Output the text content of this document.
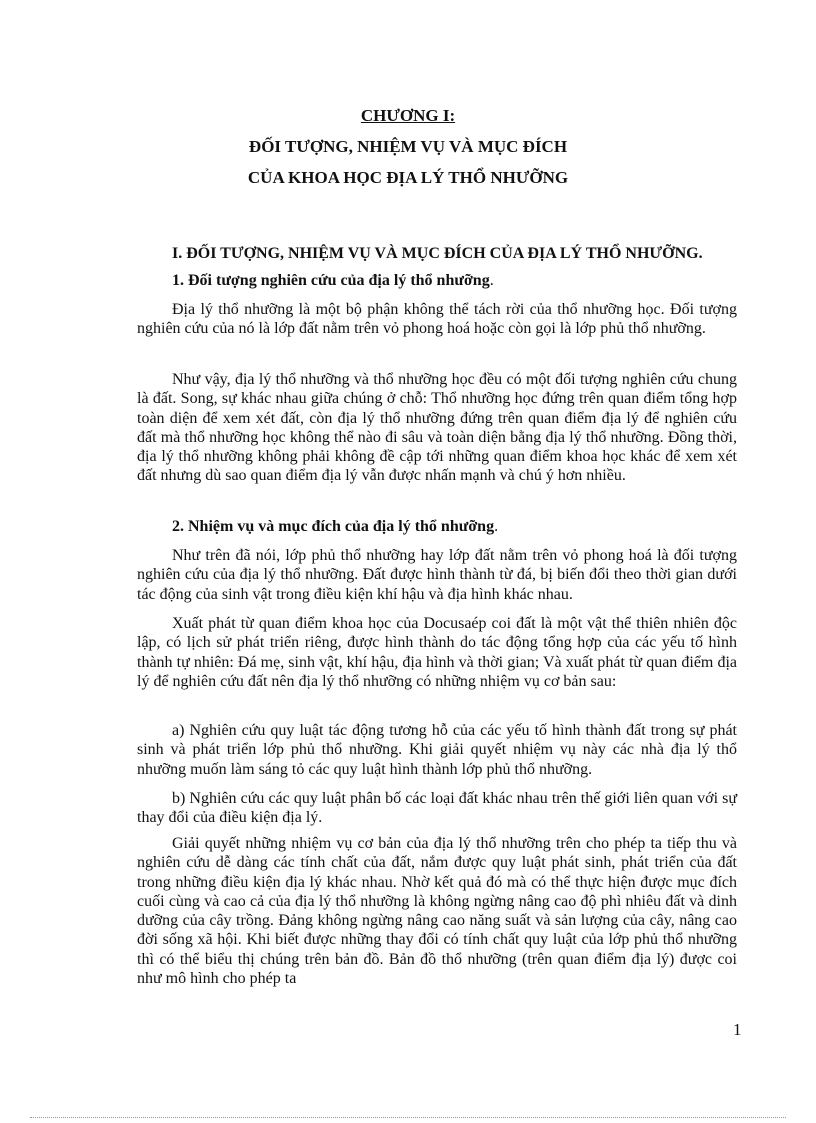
CHƯƠNG I:
ĐỐI TƯỢNG, NHIỆM VỤ VÀ MỤC ĐÍCH
CỦA KHOA HỌC ĐỊA LÝ THỔ NHƯỠNG
I. ĐỐI TƯỢNG, NHIỆM VỤ VÀ MỤC ĐÍCH CỦA ĐỊA LÝ THỔ NHƯỠNG.
1. Đối tượng nghiên cứu của địa lý thổ nhưỡng.

Địa lý thổ nhưỡng là một bộ phận không thể tách rời của thổ nhưỡng học. Đối tượng nghiên cứu của nó là lớp đất nằm trên vỏ phong hoá hoặc còn gọi là lớp phủ thổ nhưỡng.

Như vậy, địa lý thổ nhưỡng và thổ nhưỡng học đều có một đối tượng nghiên cứu chung là đất. Song, sự khác nhau giữa chúng ở chỗ: Thổ nhưỡng học đứng trên quan điểm tổng hợp toàn diện để xem xét đất, còn địa lý thổ nhưỡng đứng trên quan điểm địa lý để nghiên cứu đất mà thổ nhưỡng học không thể nào đi sâu và toàn diện bằng địa lý thổ nhưỡng. Đồng thời, địa lý thổ nhưỡng không phải không đề cập tới những quan điểm khoa học khác để xem xét đất nhưng dù sao quan điểm địa lý vẫn được nhấn mạnh và chú ý hơn nhiều.

2. Nhiệm vụ và mục đích của địa lý thổ nhưỡng.

Như trên đã nói, lớp phủ thổ nhưỡng hay lớp đất nằm trên vỏ phong hoá là đối tượng nghiên cứu của địa lý thổ nhưỡng. Đất được hình thành từ đá, bị biến đổi theo thời gian dưới tác động của sinh vật trong điều kiện khí hậu và địa hình khác nhau.

Xuất phát từ quan điểm khoa học của Docusaép coi đất là một vật thể thiên nhiên độc lập, có lịch sử phát triển riêng, được hình thành do tác động tổng hợp của các yếu tố hình thành tự nhiên: Đá mẹ, sinh vật, khí hậu, địa hình và thời gian; Và xuất phát từ quan điểm địa lý để nghiên cứu đất nên địa lý thổ nhưỡng có những nhiệm vụ cơ bản sau:

a) Nghiên cứu quy luật tác động tương hỗ của các yếu tố hình thành đất trong sự phát sinh và phát triển lớp phủ thổ nhưỡng. Khi giải quyết nhiệm vụ này các nhà địa lý thổ nhưỡng muốn làm sáng tỏ các quy luật hình thành lớp phủ thổ nhưỡng.

b) Nghiên cứu các quy luật phân bố các loại đất khác nhau trên thế giới liên quan với sự thay đổi của điều kiện địa lý.

Giải quyết những nhiệm vụ cơ bản của địa lý thổ nhưỡng trên cho phép ta tiếp thu và nghiên cứu dễ dàng các tính chất của đất, nắm được quy luật phát sinh, phát triển của đất trong những điều kiện địa lý khác nhau. Nhờ kết quả đó mà có thể thực hiện được mục đích cuối cùng và cao cả của địa lý thổ nhưỡng là không ngừng nâng cao độ phì nhiêu đất và dinh dưỡng của cây trồng. Đảng không ngừng nâng cao năng suất và sản lượng của cây, nâng cao đời sống xã hội. Khi biết được những thay đổi có tính chất quy luật của lớp phủ thổ nhưỡng thì có thể biểu thị chúng trên bản đồ. Bản đồ thổ nhưỡng (trên quan điểm địa lý) được coi như mô hình cho phép ta

1
